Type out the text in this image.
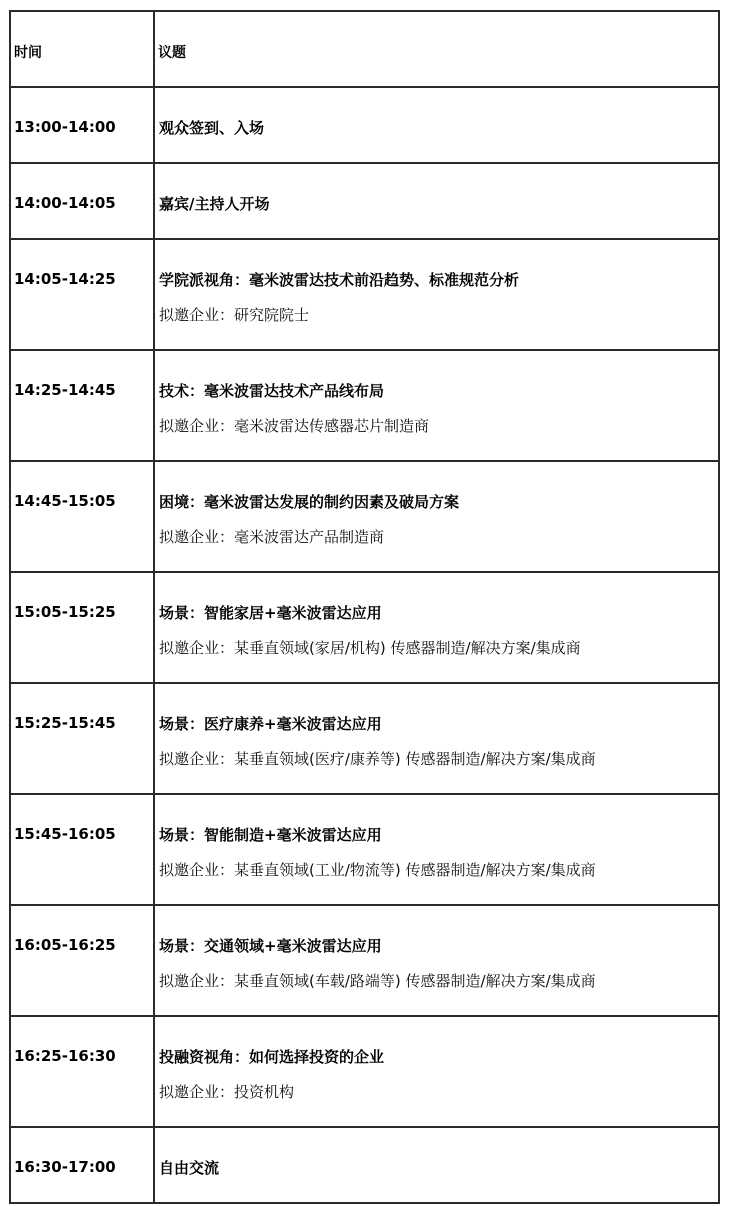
时间	议题
13:00-14:00	观众签到、入场

14:00-14:05	嘉宾/主持人开场

14:05-14:25	学院派视角：毫米波雷达技术前沿趋势、标准规范分析
拟邀企业：研究院院士

14:25-14:45	技术：毫米波雷达技术产品线布局
拟邀企业：毫米波雷达传感器芯片制造商

14:45-15:05	困境：毫米波雷达发展的制约因素及破局方案
拟邀企业：毫米波雷达产品制造商

15:05-15:25	场景：智能家居+毫米波雷达应用
拟邀企业：某垂直领域(家居/机构) 传感器制造/解决方案/集成商

15:25-15:45	场景：医疗康养+毫米波雷达应用
拟邀企业：某垂直领域(医疗/康养等) 传感器制造/解决方案/集成商

15:45-16:05	场景：智能制造+毫米波雷达应用
拟邀企业：某垂直领域(工业/物流等) 传感器制造/解决方案/集成商

16:05-16:25	场景：交通领域+毫米波雷达应用
拟邀企业：某垂直领域(车载/路端等) 传感器制造/解决方案/集成商

16:25-16:30	投融资视角：如何选择投资的企业
拟邀企业：投资机构

16:30-17:00	自由交流
